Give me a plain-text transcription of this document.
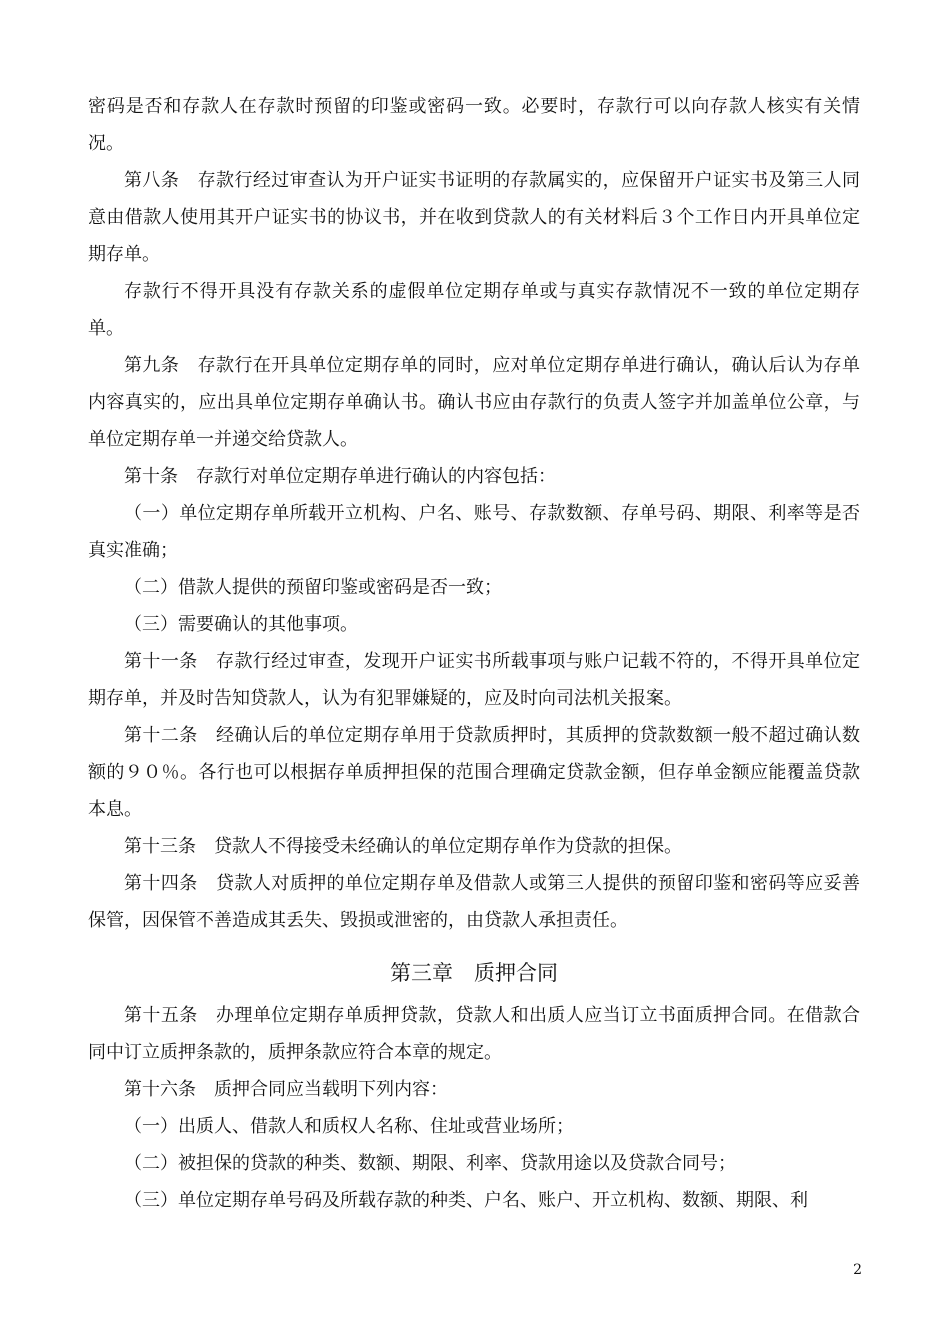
密码是否和存款人在存款时预留的印鉴或密码一致。必要时，存款行可以向存款人核实有关情况。

第八条　存款行经过审查认为开户证实书证明的存款属实的，应保留开户证实书及第三人同意由借款人使用其开户证实书的协议书，并在收到贷款人的有关材料后３个工作日内开具单位定期存单。

存款行不得开具没有存款关系的虚假单位定期存单或与真实存款情况不一致的单位定期存单。

第九条　存款行在开具单位定期存单的同时，应对单位定期存单进行确认，确认后认为存单内容真实的，应出具单位定期存单确认书。确认书应由存款行的负责人签字并加盖单位公章，与单位定期存单一并递交给贷款人。

第十条　存款行对单位定期存单进行确认的内容包括：

（一）单位定期存单所载开立机构、户名、账号、存款数额、存单号码、期限、利率等是否真实准确；

（二）借款人提供的预留印鉴或密码是否一致；

（三）需要确认的其他事项。

第十一条　存款行经过审查，发现开户证实书所载事项与账户记载不符的，不得开具单位定期存单，并及时告知贷款人，认为有犯罪嫌疑的，应及时向司法机关报案。

第十二条　经确认后的单位定期存单用于贷款质押时，其质押的贷款数额一般不超过确认数额的９０％。各行也可以根据存单质押担保的范围合理确定贷款金额，但存单金额应能覆盖贷款本息。

第十三条　贷款人不得接受未经确认的单位定期存单作为贷款的担保。

第十四条　贷款人对质押的单位定期存单及借款人或第三人提供的预留印鉴和密码等应妥善保管，因保管不善造成其丢失、毁损或泄密的，由贷款人承担责任。

第三章　质押合同

第十五条　办理单位定期存单质押贷款，贷款人和出质人应当订立书面质押合同。在借款合同中订立质押条款的，质押条款应符合本章的规定。

第十六条　质押合同应当载明下列内容：

（一）出质人、借款人和质权人名称、住址或营业场所；

（二）被担保的贷款的种类、数额、期限、利率、贷款用途以及贷款合同号；

（三）单位定期存单号码及所载存款的种类、户名、账户、开立机构、数额、期限、利

2
